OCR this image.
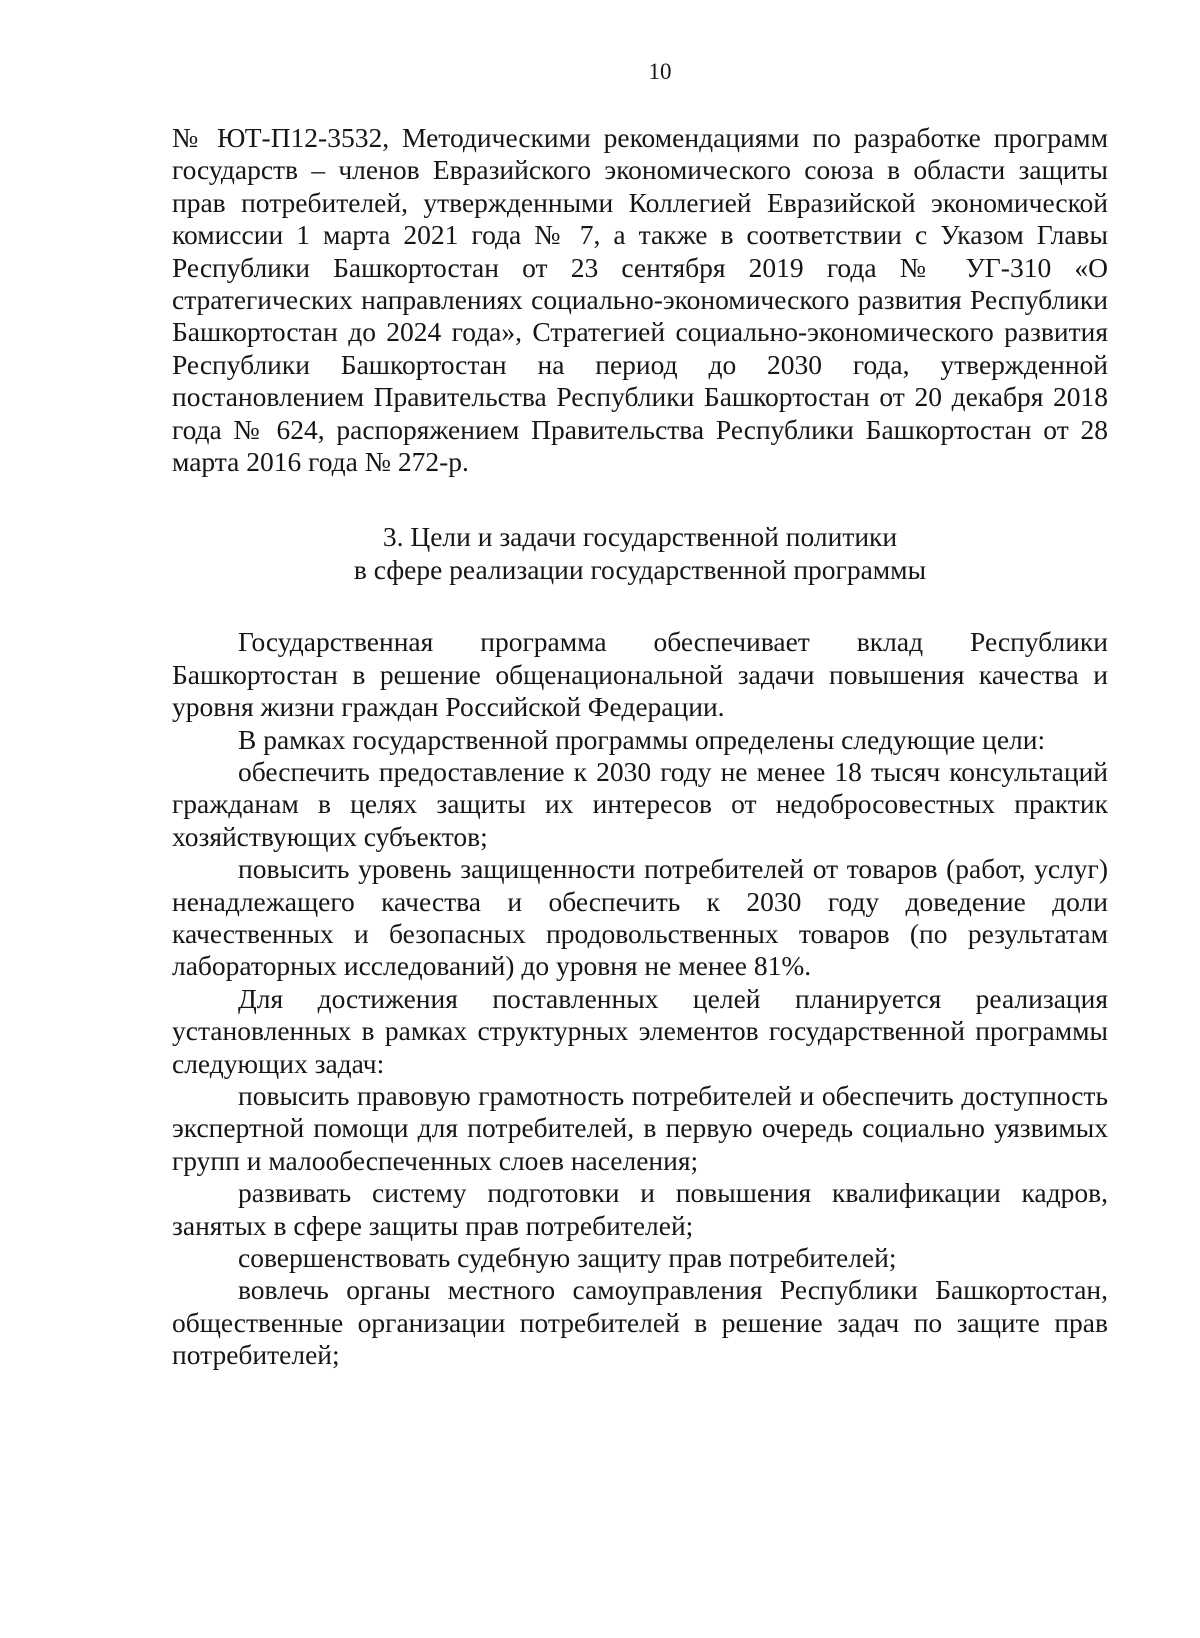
10

№ ЮТ-П12-3532, Методическими рекомендациями по разработке программ государств – членов Евразийского экономического союза в области защиты прав потребителей, утвержденными Коллегией Евразийской экономической комиссии 1 марта 2021 года № 7, а также в соответствии с Указом Главы Республики Башкортостан от 23 сентября 2019 года № УГ-310 «О стратегических направлениях социально-экономического развития Республики Башкортостан до 2024 года», Стратегией социально-экономического развития Республики Башкортостан на период до 2030 года, утвержденной постановлением Правительства Республики Башкортостан от 20 декабря 2018 года № 624, распоряжением Правительства Республики Башкортостан от 28 марта 2016 года № 272-р.

3. Цели и задачи государственной политики
в сфере реализации государственной программы

Государственная программа обеспечивает вклад Республики Башкортостан в решение общенациональной задачи повышения качества и уровня жизни граждан Российской Федерации.

В рамках государственной программы определены следующие цели:

обеспечить предоставление к 2030 году не менее 18 тысяч консультаций гражданам в целях защиты их интересов от недобросовестных практик хозяйствующих субъектов;

повысить уровень защищенности потребителей от товаров (работ, услуг) ненадлежащего качества и обеспечить к 2030 году доведение доли качественных и безопасных продовольственных товаров (по результатам лабораторных исследований) до уровня не менее 81%.

Для достижения поставленных целей планируется реализация установленных в рамках структурных элементов государственной программы следующих задач:

повысить правовую грамотность потребителей и обеспечить доступность экспертной помощи для потребителей, в первую очередь социально уязвимых групп и малообеспеченных слоев населения;

развивать систему подготовки и повышения квалификации кадров, занятых в сфере защиты прав потребителей;

совершенствовать судебную защиту прав потребителей;

вовлечь органы местного самоуправления Республики Башкортостан, общественные организации потребителей в решение задач по защите прав потребителей;
